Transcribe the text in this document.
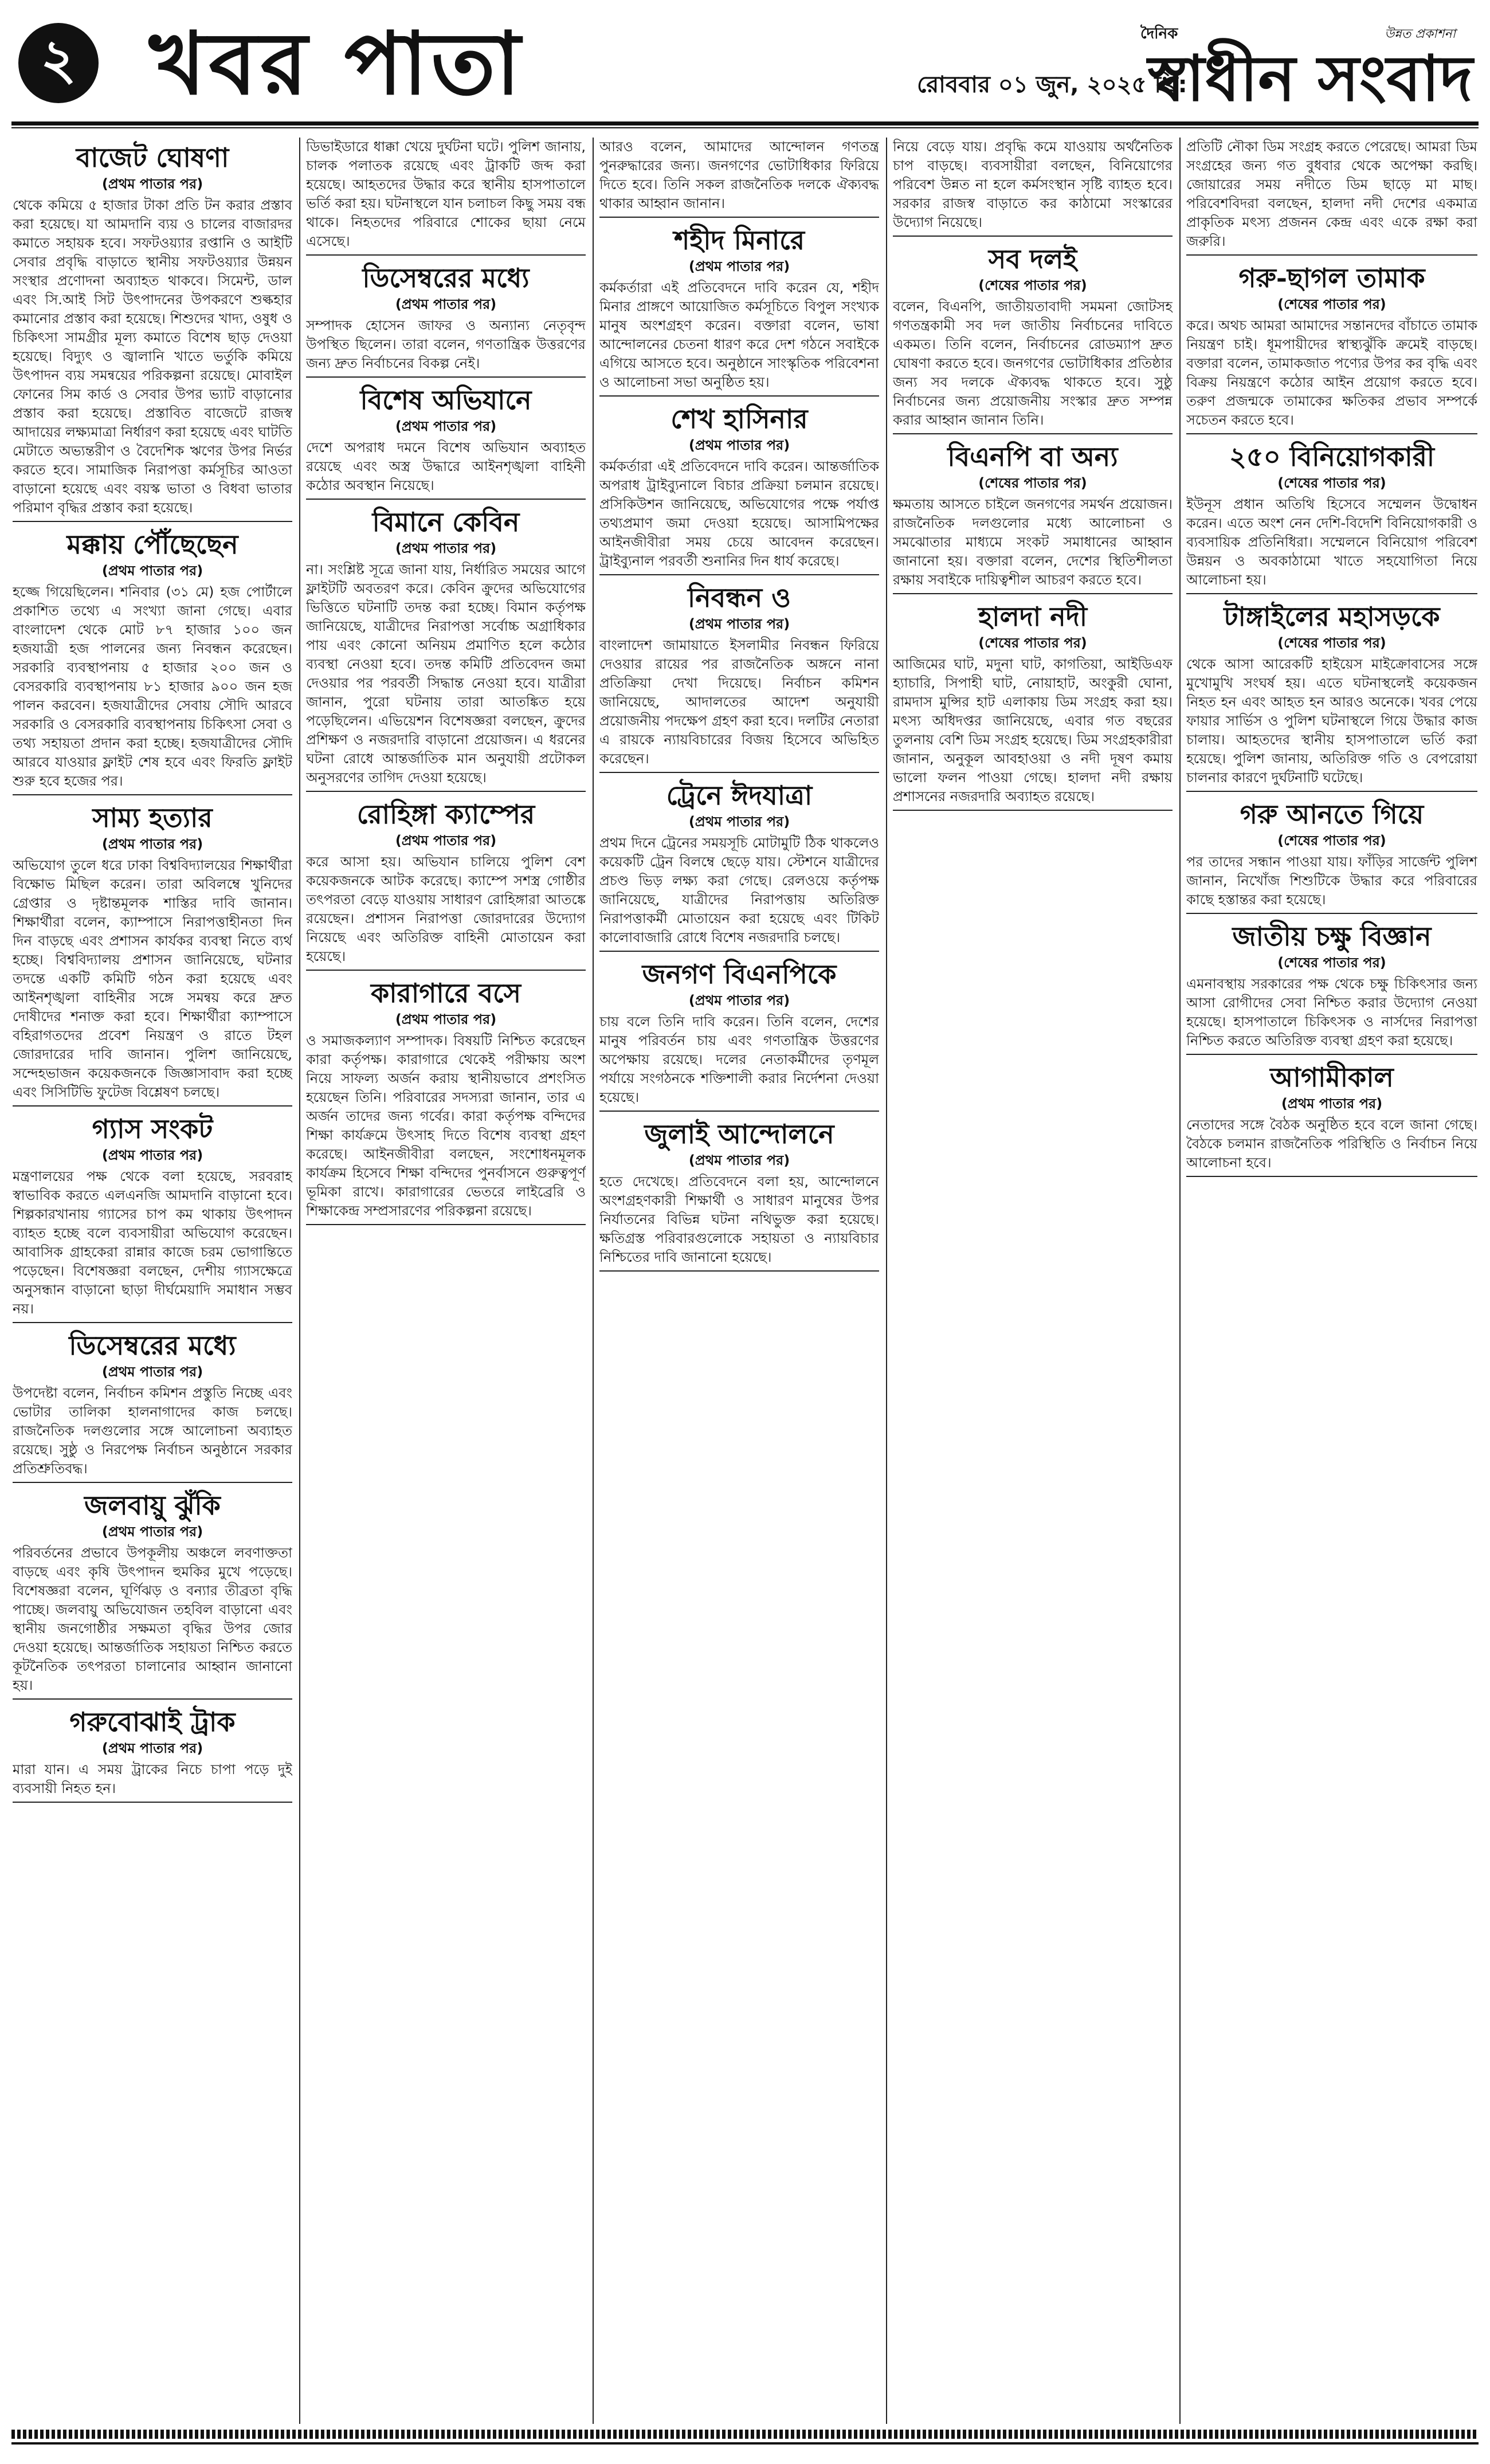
২ খবর পাতা	রোববার ০১ জুন, ২০২৫ খ্রি:
দৈনিক	উন্নত প্রকাশনা
স্বাধীন সংবাদ
বাজেট ঘোষণা
(প্রথম পাতার পর)

থেকে কমিয়ে ৫ হাজার টাকা প্রতি টন করার প্রস্তাব করা হয়েছে। যা আমদানি ব্যয় ও চালের বাজারদর কমাতে সহায়ক হবে। সফটওয়্যার রপ্তানি ও আইটি সেবার প্রবৃদ্ধি বাড়াতে স্থানীয় সফটওয়্যার উন্নয়ন সংস্থার প্রণোদনা অব্যাহত থাকবে। সিমেন্ট, ডাল এবং সি.আই সিট উৎপাদনের উপকরণে শুল্কহার কমানোর প্রস্তাব করা হয়েছে। শিশুদের খাদ্য, ওষুধ ও চিকিৎসা সামগ্রীর মূল্য কমাতে বিশেষ ছাড় দেওয়া হয়েছে। বিদ্যুৎ ও জ্বালানি খাতে ভর্তুকি কমিয়ে উৎপাদন ব্যয় সমন্বয়ের পরিকল্পনা রয়েছে। মোবাইল ফোনের সিম কার্ড ও সেবার উপর ভ্যাট বাড়ানোর প্রস্তাব করা হয়েছে। প্রস্তাবিত বাজেটে রাজস্ব আদায়ের লক্ষ্যমাত্রা নির্ধারণ করা হয়েছে এবং ঘাটতি মেটাতে অভ্যন্তরীণ ও বৈদেশিক ঋণের উপর নির্ভর করতে হবে। সামাজিক নিরাপত্তা কর্মসূচির আওতা বাড়ানো হয়েছে এবং বয়স্ক ভাতা ও বিধবা ভাতার পরিমাণ বৃদ্ধির প্রস্তাব করা হয়েছে।

মক্কায় পৌঁছেছেন
(প্রথম পাতার পর)

হজ্জে গিয়েছিলেন। শনিবার (৩১ মে) হজ পোর্টালে প্রকাশিত তথ্যে এ সংখ্যা জানা গেছে। এবার বাংলাদেশ থেকে মোট ৮৭ হাজার ১০০ জন হজযাত্রী হজ পালনের জন্য নিবন্ধন করেছেন। সরকারি ব্যবস্থাপনায় ৫ হাজার ২০০ জন ও বেসরকারি ব্যবস্থাপনায় ৮১ হাজার ৯০০ জন হজ পালন করবেন। হজযাত্রীদের সেবায় সৌদি আরবে সরকারি ও বেসরকারি ব্যবস্থাপনায় চিকিৎসা সেবা ও তথ্য সহায়তা প্রদান করা হচ্ছে। হজযাত্রীদের সৌদি আরবে যাওয়ার ফ্লাইট শেষ হবে এবং ফিরতি ফ্লাইট শুরু হবে হজের পর।

সাম্য হত্যার
(প্রথম পাতার পর)

অভিযোগ তুলে ধরে ঢাকা বিশ্ববিদ্যালয়ের শিক্ষার্থীরা বিক্ষোভ মিছিল করেন। তারা অবিলম্বে খুনিদের গ্রেপ্তার ও দৃষ্টান্তমূলক শাস্তির দাবি জানান। শিক্ষার্থীরা বলেন, ক্যাম্পাসে নিরাপত্তাহীনতা দিন দিন বাড়ছে এবং প্রশাসন কার্যকর ব্যবস্থা নিতে ব্যর্থ হচ্ছে। বিশ্ববিদ্যালয় প্রশাসন জানিয়েছে, ঘটনার তদন্তে একটি কমিটি গঠন করা হয়েছে এবং আইনশৃঙ্খলা বাহিনীর সঙ্গে সমন্বয় করে দ্রুত দোষীদের শনাক্ত করা হবে। শিক্ষার্থীরা ক্যাম্পাসে বহিরাগতদের প্রবেশ নিয়ন্ত্রণ ও রাতে টহল জোরদারের দাবি জানান। পুলিশ জানিয়েছে, সন্দেহভাজন কয়েকজনকে জিজ্ঞাসাবাদ করা হচ্ছে এবং সিসিটিভি ফুটেজ বিশ্লেষণ চলছে।

গ্যাস সংকট
(প্রথম পাতার পর)

মন্ত্রণালয়ের পক্ষ থেকে বলা হয়েছে, সরবরাহ স্বাভাবিক করতে এলএনজি আমদানি বাড়ানো হবে। শিল্পকারখানায় গ্যাসের চাপ কম থাকায় উৎপাদন ব্যাহত হচ্ছে বলে ব্যবসায়ীরা অভিযোগ করেছেন। আবাসিক গ্রাহকেরা রান্নার কাজে চরম ভোগান্তিতে পড়েছেন। বিশেষজ্ঞরা বলছেন, দেশীয় গ্যাসক্ষেত্রে অনুসন্ধান বাড়ানো ছাড়া দীর্ঘমেয়াদি সমাধান সম্ভব নয়।

ডিসেম্বরের মধ্যে
(প্রথম পাতার পর)

উপদেষ্টা বলেন, নির্বাচন কমিশন প্রস্তুতি নিচ্ছে এবং ভোটার তালিকা হালনাগাদের কাজ চলছে। রাজনৈতিক দলগুলোর সঙ্গে আলোচনা অব্যাহত রয়েছে। সুষ্ঠু ও নিরপেক্ষ নির্বাচন অনুষ্ঠানে সরকার প্রতিশ্রুতিবদ্ধ।

জলবায়ু ঝুঁকি
(প্রথম পাতার পর)

পরিবর্তনের প্রভাবে উপকূলীয় অঞ্চলে লবণাক্ততা বাড়ছে এবং কৃষি উৎপাদন হুমকির মুখে পড়েছে। বিশেষজ্ঞরা বলেন, ঘূর্ণিঝড় ও বন্যার তীব্রতা বৃদ্ধি পাচ্ছে। জলবায়ু অভিযোজন তহবিল বাড়ানো এবং স্থানীয় জনগোষ্ঠীর সক্ষমতা বৃদ্ধির উপর জোর দেওয়া হয়েছে। আন্তর্জাতিক সহায়তা নিশ্চিত করতে কূটনৈতিক তৎপরতা চালানোর আহ্বান জানানো হয়।

গরুবোঝাই ট্রাক
(প্রথম পাতার পর)

মারা যান। এ সময় ট্রাকের নিচে চাপা পড়ে দুই ব্যবসায়ী নিহত হন।

ডিভাইডারে ধাক্কা খেয়ে দুর্ঘটনা ঘটে। পুলিশ জানায়, চালক পলাতক রয়েছে এবং ট্রাকটি জব্দ করা হয়েছে। আহতদের উদ্ধার করে স্থানীয় হাসপাতালে ভর্তি করা হয়। ঘটনাস্থলে যান চলাচল কিছু সময় বন্ধ থাকে। নিহতদের পরিবারে শোকের ছায়া নেমে এসেছে।

ডিসেম্বরের মধ্যে
(প্রথম পাতার পর)

সম্পাদক হোসেন জাফর ও অন্যান্য নেতৃবৃন্দ উপস্থিত ছিলেন। তারা বলেন, গণতান্ত্রিক উত্তরণের জন্য দ্রুত নির্বাচনের বিকল্প নেই।

বিশেষ অভিযানে
(প্রথম পাতার পর)

দেশে অপরাধ দমনে বিশেষ অভিযান অব্যাহত রয়েছে এবং অস্ত্র উদ্ধারে আইনশৃঙ্খলা বাহিনী কঠোর অবস্থান নিয়েছে।

বিমানে কেবিন
(প্রথম পাতার পর)

না। সংশ্লিষ্ট সূত্রে জানা যায়, নির্ধারিত সময়ের আগে ফ্লাইটটি অবতরণ করে। কেবিন ক্রুদের অভিযোগের ভিত্তিতে ঘটনাটি তদন্ত করা হচ্ছে। বিমান কর্তৃপক্ষ জানিয়েছে, যাত্রীদের নিরাপত্তা সর্বোচ্চ অগ্রাধিকার পায় এবং কোনো অনিয়ম প্রমাণিত হলে কঠোর ব্যবস্থা নেওয়া হবে। তদন্ত কমিটি প্রতিবেদন জমা দেওয়ার পর পরবর্তী সিদ্ধান্ত নেওয়া হবে। যাত্রীরা জানান, পুরো ঘটনায় তারা আতঙ্কিত হয়ে পড়েছিলেন। এভিয়েশন বিশেষজ্ঞরা বলছেন, ক্রুদের প্রশিক্ষণ ও নজরদারি বাড়ানো প্রয়োজন। এ ধরনের ঘটনা রোধে আন্তর্জাতিক মান অনুযায়ী প্রটোকল অনুসরণের তাগিদ দেওয়া হয়েছে।

রোহিঙ্গা ক্যাম্পের
(প্রথম পাতার পর)

করে আসা হয়। অভিযান চালিয়ে পুলিশ বেশ কয়েকজনকে আটক করেছে। ক্যাম্পে সশস্ত্র গোষ্ঠীর তৎপরতা বেড়ে যাওয়ায় সাধারণ রোহিঙ্গারা আতঙ্কে রয়েছেন। প্রশাসন নিরাপত্তা জোরদারের উদ্যোগ নিয়েছে এবং অতিরিক্ত বাহিনী মোতায়েন করা হয়েছে।

কারাগারে বসে
(প্রথম পাতার পর)

ও সমাজকল্যাণ সম্পাদক। বিষয়টি নিশ্চিত করেছেন কারা কর্তৃপক্ষ। কারাগারে থেকেই পরীক্ষায় অংশ নিয়ে সাফল্য অর্জন করায় স্থানীয়ভাবে প্রশংসিত হয়েছেন তিনি। পরিবারের সদস্যরা জানান, তার এ অর্জন তাদের জন্য গর্বের। কারা কর্তৃপক্ষ বন্দিদের শিক্ষা কার্যক্রমে উৎসাহ দিতে বিশেষ ব্যবস্থা গ্রহণ করেছে। আইনজীবীরা বলছেন, সংশোধনমূলক কার্যক্রম হিসেবে শিক্ষা বন্দিদের পুনর্বাসনে গুরুত্বপূর্ণ ভূমিকা রাখে। কারাগারের ভেতরে লাইব্রেরি ও শিক্ষাকেন্দ্র সম্প্রসারণের পরিকল্পনা রয়েছে।

আরও বলেন, আমাদের আন্দোলন গণতন্ত্র পুনরুদ্ধারের জন্য। জনগণের ভোটাধিকার ফিরিয়ে দিতে হবে। তিনি সকল রাজনৈতিক দলকে ঐক্যবদ্ধ থাকার আহ্বান জানান।

শহীদ মিনারে
(প্রথম পাতার পর)

কর্মকর্তারা এই প্রতিবেদনে দাবি করেন যে, শহীদ মিনার প্রাঙ্গণে আয়োজিত কর্মসূচিতে বিপুল সংখ্যক মানুষ অংশগ্রহণ করেন। বক্তারা বলেন, ভাষা আন্দোলনের চেতনা ধারণ করে দেশ গঠনে সবাইকে এগিয়ে আসতে হবে। অনুষ্ঠানে সাংস্কৃতিক পরিবেশনা ও আলোচনা সভা অনুষ্ঠিত হয়।

শেখ হাসিনার
(প্রথম পাতার পর)

কর্মকর্তারা এই প্রতিবেদনে দাবি করেন। আন্তর্জাতিক অপরাধ ট্রাইব্যুনালে বিচার প্রক্রিয়া চলমান রয়েছে। প্রসিকিউশন জানিয়েছে, অভিযোগের পক্ষে পর্যাপ্ত তথ্যপ্রমাণ জমা দেওয়া হয়েছে। আসামিপক্ষের আইনজীবীরা সময় চেয়ে আবেদন করেছেন। ট্রাইব্যুনাল পরবর্তী শুনানির দিন ধার্য করেছে।

নিবন্ধন ও
(প্রথম পাতার পর)

বাংলাদেশ জামায়াতে ইসলামীর নিবন্ধন ফিরিয়ে দেওয়ার রায়ের পর রাজনৈতিক অঙ্গনে নানা প্রতিক্রিয়া দেখা দিয়েছে। নির্বাচন কমিশন জানিয়েছে, আদালতের আদেশ অনুযায়ী প্রয়োজনীয় পদক্ষেপ গ্রহণ করা হবে। দলটির নেতারা এ রায়কে ন্যায়বিচারের বিজয় হিসেবে অভিহিত করেছেন।

ট্রেনে ঈদযাত্রা
(প্রথম পাতার পর)

প্রথম দিনে ট্রেনের সময়সূচি মোটামুটি ঠিক থাকলেও কয়েকটি ট্রেন বিলম্বে ছেড়ে যায়। স্টেশনে যাত্রীদের প্রচণ্ড ভিড় লক্ষ্য করা গেছে। রেলওয়ে কর্তৃপক্ষ জানিয়েছে, যাত্রীদের নিরাপত্তায় অতিরিক্ত নিরাপত্তাকর্মী মোতায়েন করা হয়েছে এবং টিকিট কালোবাজারি রোধে বিশেষ নজরদারি চলছে।

জনগণ বিএনপিকে
(প্রথম পাতার পর)

চায় বলে তিনি দাবি করেন। তিনি বলেন, দেশের মানুষ পরিবর্তন চায় এবং গণতান্ত্রিক উত্তরণের অপেক্ষায় রয়েছে। দলের নেতাকর্মীদের তৃণমূল পর্যায়ে সংগঠনকে শক্তিশালী করার নির্দেশনা দেওয়া হয়েছে।

জুলাই আন্দোলনে
(প্রথম পাতার পর)

হতে দেখেছে। প্রতিবেদনে বলা হয়, আন্দোলনে অংশগ্রহণকারী শিক্ষার্থী ও সাধারণ মানুষের উপর নির্যাতনের বিভিন্ন ঘটনা নথিভুক্ত করা হয়েছে। ক্ষতিগ্রস্ত পরিবারগুলোকে সহায়তা ও ন্যায়বিচার নিশ্চিতের দাবি জানানো হয়েছে।

নিয়ে বেড়ে যায়। প্রবৃদ্ধি কমে যাওয়ায় অর্থনৈতিক চাপ বাড়ছে। ব্যবসায়ীরা বলছেন, বিনিয়োগের পরিবেশ উন্নত না হলে কর্মসংস্থান সৃষ্টি ব্যাহত হবে। সরকার রাজস্ব বাড়াতে কর কাঠামো সংস্কারের উদ্যোগ নিয়েছে।

সব দলই
(শেষের পাতার পর)

বলেন, বিএনপি, জাতীয়তাবাদী সমমনা জোটসহ গণতন্ত্রকামী সব দল জাতীয় নির্বাচনের দাবিতে একমত। তিনি বলেন, নির্বাচনের রোডম্যাপ দ্রুত ঘোষণা করতে হবে। জনগণের ভোটাধিকার প্রতিষ্ঠার জন্য সব দলকে ঐক্যবদ্ধ থাকতে হবে। সুষ্ঠু নির্বাচনের জন্য প্রয়োজনীয় সংস্কার দ্রুত সম্পন্ন করার আহ্বান জানান তিনি।

বিএনপি বা অন্য
(শেষের পাতার পর)

ক্ষমতায় আসতে চাইলে জনগণের সমর্থন প্রয়োজন। রাজনৈতিক দলগুলোর মধ্যে আলোচনা ও সমঝোতার মাধ্যমে সংকট সমাধানের আহ্বান জানানো হয়। বক্তারা বলেন, দেশের স্থিতিশীলতা রক্ষায় সবাইকে দায়িত্বশীল আচরণ করতে হবে।

হালদা নদী
(শেষের পাতার পর)

আজিমের ঘাট, মদুনা ঘাট, কাগতিয়া, আইডিএফ হ্যাচারি, সিপাহী ঘাট, নোয়াহাট, অংকুরী ঘোনা, রামদাস মুন্সির হাট এলাকায় ডিম সংগ্রহ করা হয়। মৎস্য অধিদপ্তর জানিয়েছে, এবার গত বছরের তুলনায় বেশি ডিম সংগ্রহ হয়েছে। ডিম সংগ্রহকারীরা জানান, অনুকূল আবহাওয়া ও নদী দূষণ কমায় ভালো ফলন পাওয়া গেছে। হালদা নদী রক্ষায় প্রশাসনের নজরদারি অব্যাহত রয়েছে।

প্রতিটি নৌকা ডিম সংগ্রহ করতে পেরেছে। আমরা ডিম সংগ্রহের জন্য গত বুধবার থেকে অপেক্ষা করছি। জোয়ারের সময় নদীতে ডিম ছাড়ে মা মাছ। পরিবেশবিদরা বলছেন, হালদা নদী দেশের একমাত্র প্রাকৃতিক মৎস্য প্রজনন কেন্দ্র এবং একে রক্ষা করা জরুরি।

গরু-ছাগল তামাক
(শেষের পাতার পর)

করে। অথচ আমরা আমাদের সন্তানদের বাঁচাতে তামাক নিয়ন্ত্রণ চাই। ধূমপায়ীদের স্বাস্থ্যঝুঁকি ক্রমেই বাড়ছে। বক্তারা বলেন, তামাকজাত পণ্যের উপর কর বৃদ্ধি এবং বিক্রয় নিয়ন্ত্রণে কঠোর আইন প্রয়োগ করতে হবে। তরুণ প্রজন্মকে তামাকের ক্ষতিকর প্রভাব সম্পর্কে সচেতন করতে হবে।

২৫০ বিনিয়োগকারী
(শেষের পাতার পর)

ইউনূস প্রধান অতিথি হিসেবে সম্মেলন উদ্বোধন করেন। এতে অংশ নেন দেশি-বিদেশি বিনিয়োগকারী ও ব্যবসায়িক প্রতিনিধিরা। সম্মেলনে বিনিয়োগ পরিবেশ উন্নয়ন ও অবকাঠামো খাতে সহযোগিতা নিয়ে আলোচনা হয়।

টাঙ্গাইলের মহাসড়কে
(শেষের পাতার পর)

থেকে আসা আরেকটি হাইয়েস মাইক্রোবাসের সঙ্গে মুখোমুখি সংঘর্ষ হয়। এতে ঘটনাস্থলেই কয়েকজন নিহত হন এবং আহত হন আরও অনেকে। খবর পেয়ে ফায়ার সার্ভিস ও পুলিশ ঘটনাস্থলে গিয়ে উদ্ধার কাজ চালায়। আহতদের স্থানীয় হাসপাতালে ভর্তি করা হয়েছে। পুলিশ জানায়, অতিরিক্ত গতি ও বেপরোয়া চালনার কারণে দুর্ঘটনাটি ঘটেছে।

গরু আনতে গিয়ে
(শেষের পাতার পর)

পর তাদের সন্ধান পাওয়া যায়। ফাঁড়ির সার্জেন্ট পুলিশ জানান, নিখোঁজ শিশুটিকে উদ্ধার করে পরিবারের কাছে হস্তান্তর করা হয়েছে।

জাতীয় চক্ষু বিজ্ঞান
(শেষের পাতার পর)

এমনাবস্থায় সরকারের পক্ষ থেকে চক্ষু চিকিৎসার জন্য আসা রোগীদের সেবা নিশ্চিত করার উদ্যোগ নেওয়া হয়েছে। হাসপাতালে চিকিৎসক ও নার্সদের নিরাপত্তা নিশ্চিত করতে অতিরিক্ত ব্যবস্থা গ্রহণ করা হয়েছে।

আগামীকাল
(প্রথম পাতার পর)

নেতাদের সঙ্গে বৈঠক অনুষ্ঠিত হবে বলে জানা গেছে। বৈঠকে চলমান রাজনৈতিক পরিস্থিতি ও নির্বাচন নিয়ে আলোচনা হবে।
